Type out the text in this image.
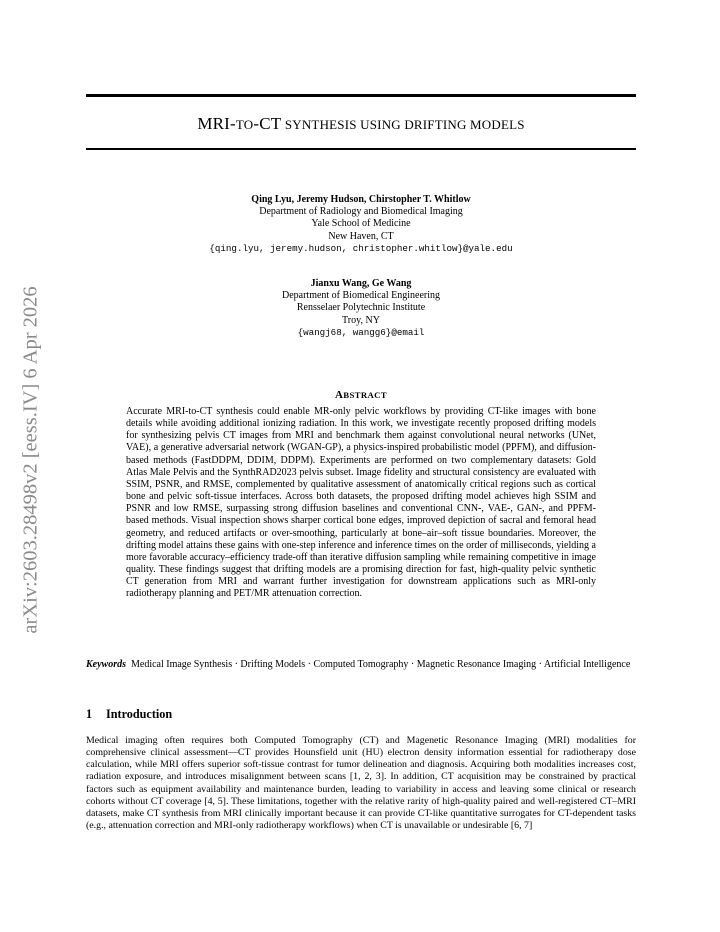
arXiv:2603.28498v2 [eess.IV] 6 Apr 2026
MRI-TO-CT SYNTHESIS USING DRIFTING MODELS
Qing Lyu, Jeremy Hudson, Chirstopher T. Whitlow
Department of Radiology and Biomedical Imaging
Yale School of Medicine
New Haven, CT
{qing.lyu, jeremy.hudson, christopher.whitlow}@yale.edu
Jianxu Wang, Ge Wang
Department of Biomedical Engineering
Rensselaer Polytechnic Institute
Troy, NY
{wangj68, wangg6}@email
ABSTRACT
Accurate MRI-to-CT synthesis could enable MR-only pelvic workflows by providing CT-like images with bone details while avoiding additional ionizing radiation. In this work, we investigate recently proposed drifting models for synthesizing pelvis CT images from MRI and benchmark them against convolutional neural networks (UNet, VAE), a generative adversarial network (WGAN-GP), a physics-inspired probabilistic model (PPFM), and diffusion-based methods (FastDDPM, DDIM, DDPM). Experiments are performed on two complementary datasets: Gold Atlas Male Pelvis and the SynthRAD2023 pelvis subset. Image fidelity and structural consistency are evaluated with SSIM, PSNR, and RMSE, complemented by qualitative assessment of anatomically critical regions such as cortical bone and pelvic soft-tissue interfaces. Across both datasets, the proposed drifting model achieves high SSIM and PSNR and low RMSE, surpassing strong diffusion baselines and conventional CNN-, VAE-, GAN-, and PPFM-based methods. Visual inspection shows sharper cortical bone edges, improved depiction of sacral and femoral head geometry, and reduced artifacts or over-smoothing, particularly at bone–air–soft tissue boundaries. Moreover, the drifting model attains these gains with one-step inference and inference times on the order of milliseconds, yielding a more favorable accuracy–efficiency trade-off than iterative diffusion sampling while remaining competitive in image quality. These findings suggest that drifting models are a promising direction for fast, high-quality pelvic synthetic CT generation from MRI and warrant further investigation for downstream applications such as MRI-only radiotherapy planning and PET/MR attenuation correction.
Keywords Medical Image Synthesis · Drifting Models · Computed Tomography · Magnetic Resonance Imaging · Artificial Intelligence
1 Introduction
Medical imaging often requires both Computed Tomography (CT) and Magenetic Resonance Imaging (MRI) modalities for comprehensive clinical assessment—CT provides Hounsfield unit (HU) electron density information essential for radiotherapy dose calculation, while MRI offers superior soft-tissue contrast for tumor delineation and diagnosis. Acquiring both modalities increases cost, radiation exposure, and introduces misalignment between scans [1, 2, 3]. In addition, CT acquisition may be constrained by practical factors such as equipment availability and maintenance burden, leading to variability in access and leaving some clinical or research cohorts without CT coverage [4, 5]. These limitations, together with the relative rarity of high-quality paired and well-registered CT–MRI datasets, make CT synthesis from MRI clinically important because it can provide CT-like quantitative surrogates for CT-dependent tasks (e.g., attenuation correction and MRI-only radiotherapy workflows) when CT is unavailable or undesirable [6, 7]
